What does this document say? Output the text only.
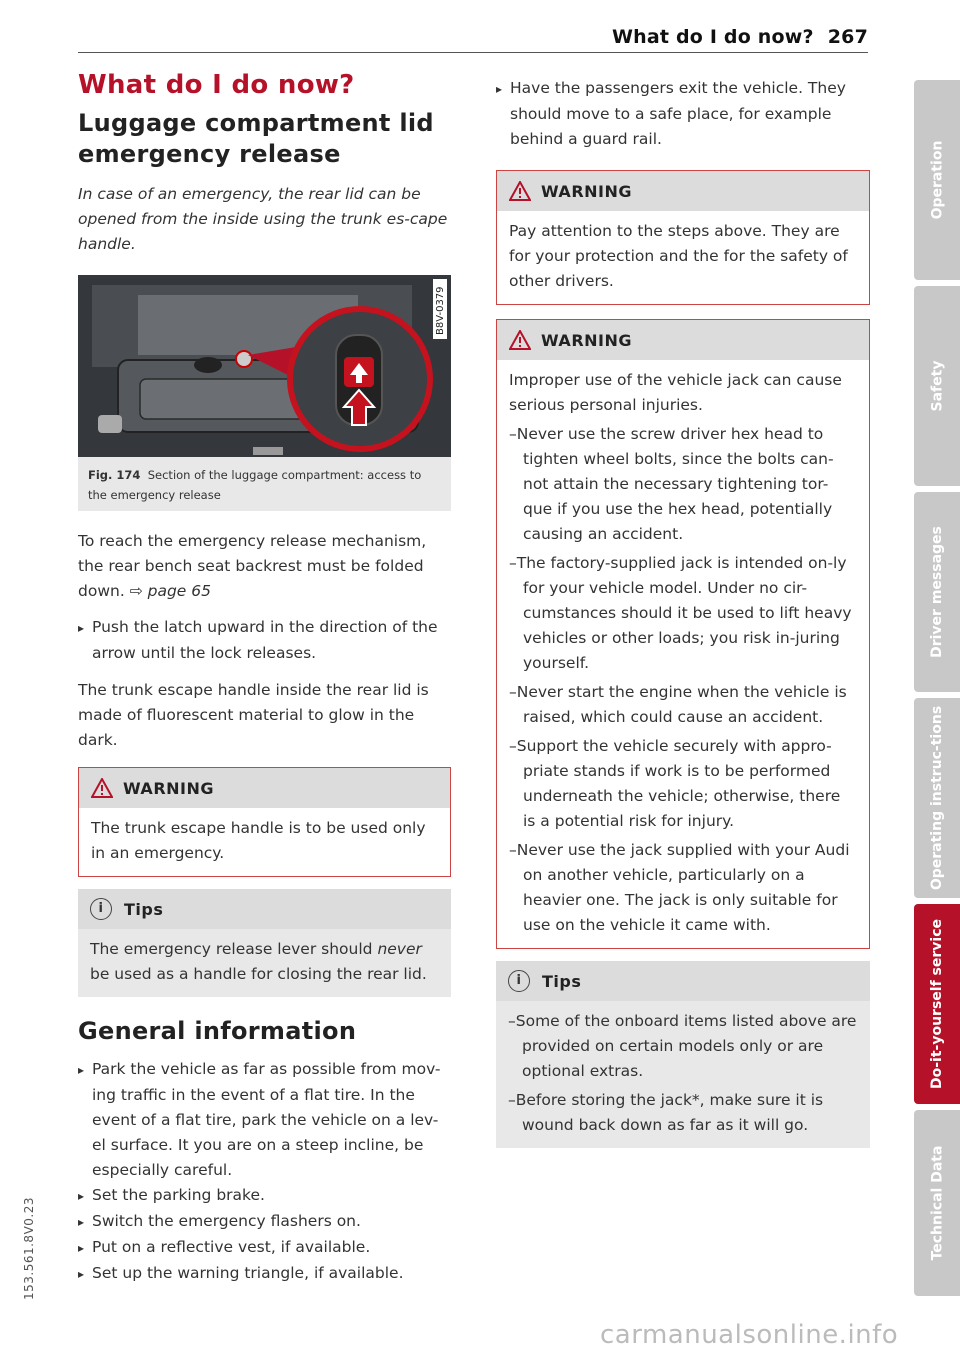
What do I do now? 267
What do I do now?
Luggage compartment lid emergency release

In case of an emergency, the rear lid can be opened from the inside using the trunk es-cape handle.

B8V-0379
Fig. 174 Section of the luggage compartment: access to the emergency release

To reach the emergency release mechanism, the rear bench seat backrest must be folded down. ⇨ page 65

▸ Push the latch upward in the direction of the arrow until the lock releases.

The trunk escape handle inside the rear lid is made of fluorescent material to glow in the dark.

WARNING

The trunk escape handle is to be used only in an emergency.

i	Tips

The emergency release lever should never be used as a handle for closing the rear lid.

General information

▸ Park the vehicle as far as possible from mov-ing traffic in the event of a flat tire. In the event of a flat tire, park the vehicle on a lev-el surface. It you are on a steep incline, be especially careful.

▸ Set the parking brake.

▸ Switch the emergency flashers on.

▸ Put on a reflective vest, if available.

▸ Set up the warning triangle, if available.

▸ Have the passengers exit the vehicle. They should move to a safe place, for example behind a guard rail.

WARNING

Pay attention to the steps above. They are for your protection and the for the safety of other drivers.

WARNING

Improper use of the vehicle jack can cause serious personal injuries.

– Never use the screw driver hex head to tighten wheel bolts, since the bolts can-not attain the necessary tightening tor-que if you use the hex head, potentially causing an accident.

– The factory-supplied jack is intended on-ly for your vehicle model. Under no cir-cumstances should it be used to lift heavy vehicles or other loads; you risk in-juring yourself.

– Never start the engine when the vehicle is raised, which could cause an accident.

– Support the vehicle securely with appro-priate stands if work is to be performed underneath the vehicle; otherwise, there is a potential risk for injury.

– Never use the jack supplied with your Audi on another vehicle, particularly on a heavier one. The jack is only suitable for use on the vehicle it came with.

i	Tips

– Some of the onboard items listed above are provided on certain models only or are optional extras.

– Before storing the jack*, make sure it is wound back down as far as it will go.

Operation
Safety
Driver messages
Operating instruc-tions
Do-it-yourself service
Technical Data
153.561.8V0.23
carmanualsonline.info
